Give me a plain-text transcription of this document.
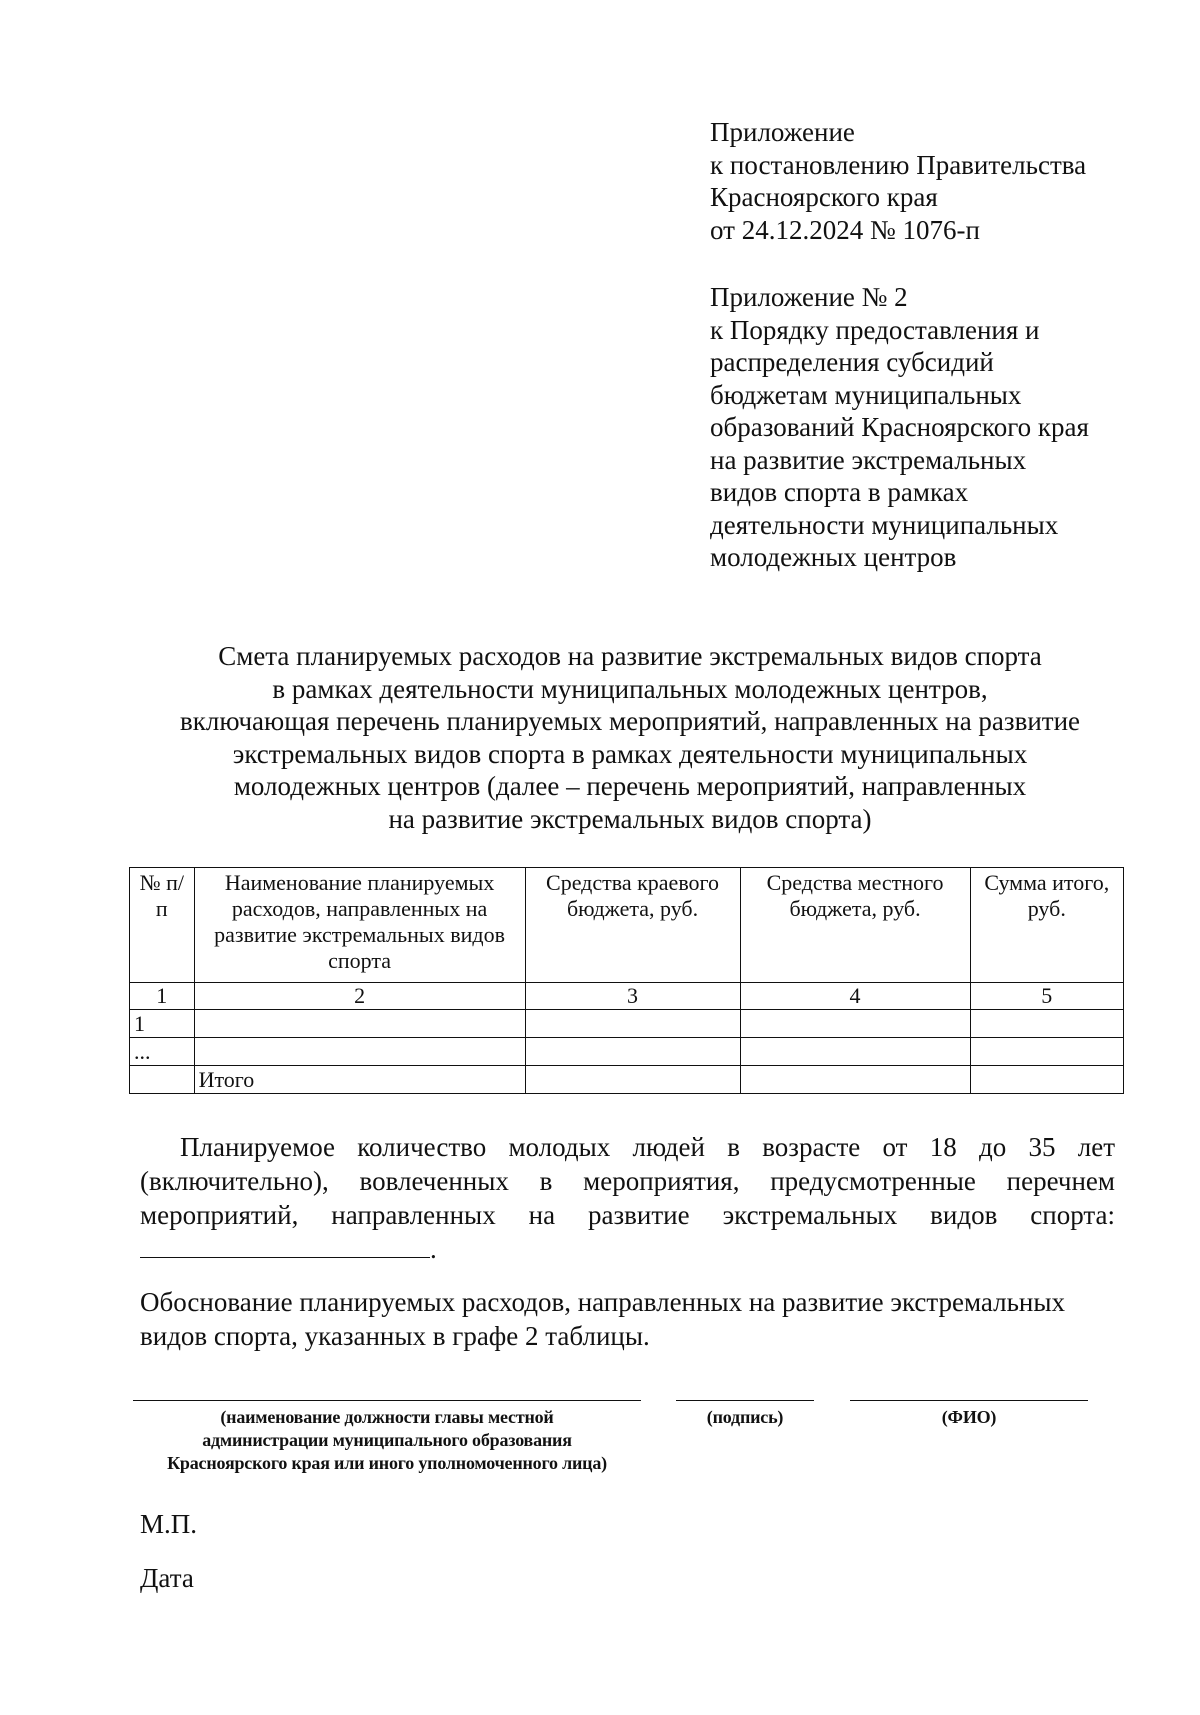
Приложение
к постановлению Правительства
Красноярского края
от 24.12.2024 № 1076-п
Приложение № 2
к Порядку предоставления и
распределения субсидий
бюджетам муниципальных
образований Красноярского края
на развитие экстремальных
видов спорта в рамках
деятельности муниципальных
молодежных центров
Смета планируемых расходов на развитие экстремальных видов спорта
в рамках деятельности муниципальных молодежных центров,
включающая перечень планируемых мероприятий, направленных на развитие
экстремальных видов спорта в рамках деятельности муниципальных
молодежных центров (далее – перечень мероприятий, направленных
на развитие экстремальных видов спорта)
№ п/п	Наименование планируемых расходов, направленных на развитие экстремальных видов спорта	Средства краевого бюджета, руб.	Средства местного бюджета, руб.	Сумма итого, руб.
1	2	3	4	5
1				
...				
	Итого			
Планируемое количество молодых людей в возрасте от 18 до 35 лет (включительно), вовлеченных в мероприятия, предусмотренные перечнем мероприятий, направленных на развитие экстремальных видов спорта:
.
Обоснование планируемых расходов, направленных на развитие экстремальных
видов спорта, указанных в графе 2 таблицы.
(наименование должности главы местной
администрации муниципального образования
Красноярского края или иного уполномоченного лица)
(подпись)	(ФИО)
М.П.
Дата
